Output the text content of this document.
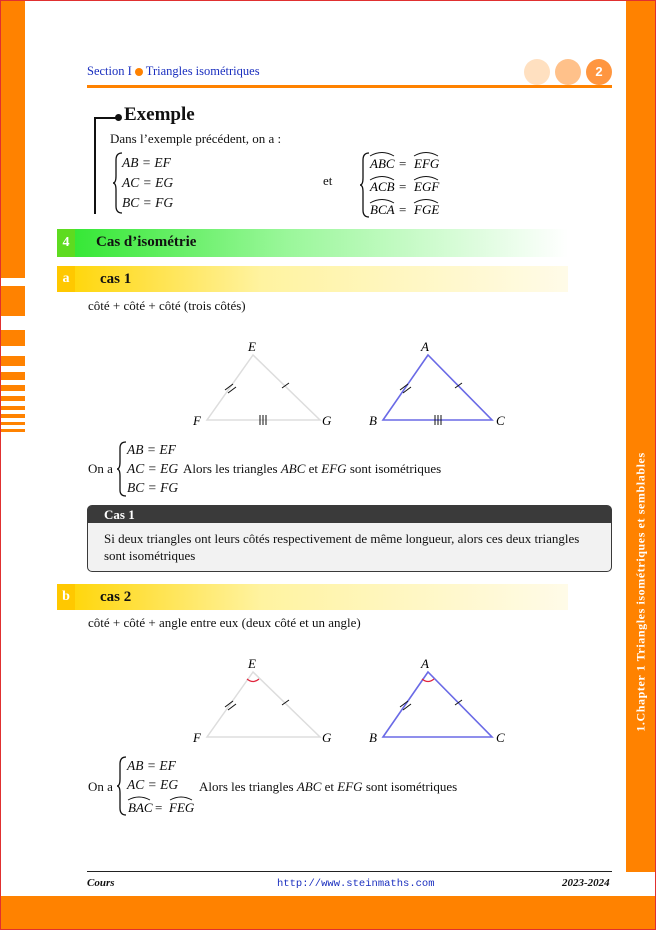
1.Chapter 1 Triangles isométriques et semblables
Section I Triangles isométriques	2
Exemple
Dans l’exemple précédent, on a :
AB = EF
AC = EG
BC = FG
et
ABC = EFG
ACB = EGF
BCA = FGE
4	Cas d’isométrie
a	cas 1
côté + côté + côté (trois côtés)
E
F	G
A
B	C
On a
AB = EF
AC = EG
BC = FG
Alors les triangles ABC et EFG sont isométriques
Cas 1
Si deux triangles ont leurs côtés respectivement de même longueur, alors ces deux triangles sont isométriques
b	cas 2
côté + côté + angle entre eux (deux côté et un angle)
E
F	G
A
B	C
On a
AB = EF
AC = EG
BAC = FEG
Alors les triangles ABC et EFG sont isométriques
Cours	http://www.steinmaths.com	2023-2024
